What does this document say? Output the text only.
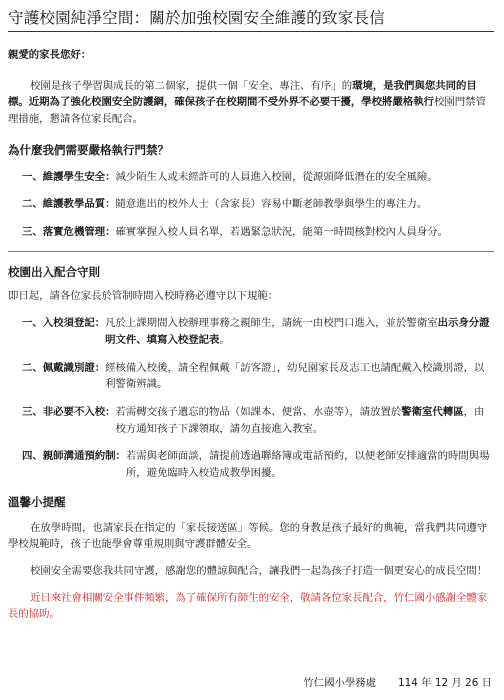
守護校園純淨空間：關於加強校園安全維護的致家長信

親愛的家長您好：

校園是孩子學習與成長的第二個家，提供一個「安全、專注、有序」的環境，是我們與您共同的目標。近期為了強化校園安全防護網，確保孩子在校期間不受外界不必要干擾，學校將嚴格執行校園門禁管理措施，懇請各位家長配合。

為什麼我們需要嚴格執行門禁？
一、維護學生安全： 減少陌生人或未經許可的人員進入校園，從源頭降低潛在的安全風險。
二、維護教學品質： 隨意進出的校外人士（含家長）容易中斷老師教學與學生的專注力。
三、落實危機管理： 確實掌握入校人員名單，若遇緊急狀況，能第一時間核對校內人員身分。
校園出入配合守則

即日起，請各位家長於管制時間入校時務必遵守以下規範：

一、入校須登記： 凡於上課期間入校辦理事務之親師生，請統一由校門口進入，並於警衛室出示身分證明文件、填寫入校登記表。
二、佩戴識別證： 經核備入校後，請全程佩戴「訪客證」，幼兒園家長及志工也請配戴入校識別證，以利警衛辨識。
三、非必要不入校： 若需轉交孩子遺忘的物品（如課本、便當、水壺等），請放置於警衛室代轉區，由校方通知孩子下課領取，請勿直接進入教室。
四、親師溝通預約制： 若需與老師面談，請提前透過聯絡簿或電話預約，以便老師安排適當的時間與場所，避免臨時入校造成教學困擾。
溫馨小提醒

在放學時間，也請家長在指定的「家長接送區」等候。您的身教是孩子最好的典範，當我們共同遵守學校規範時，孩子也能學會尊重規則與守護群體安全。

校園安全需要您我共同守護，感謝您的體諒與配合，讓我們一起為孩子打造一個更安心的成長空間！

近日來社會相關安全事件頻繁，為了確保所有師生的安全，敬請各位家長配合，竹仁國小感謝全體家長的協助。

竹仁國小學務處 114 年 12 月 26 日
